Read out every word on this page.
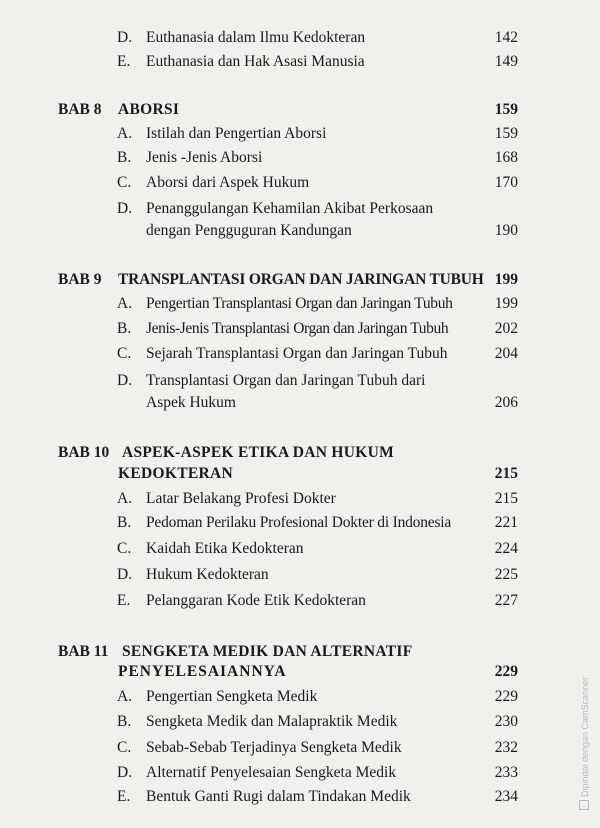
D. Euthanasia dalam Ilmu Kedokteran	142
E. Euthanasia dan Hak Asasi Manusia	149
BAB 8 ABORSI	159
A. Istilah dan Pengertian Aborsi	159
B. Jenis -Jenis Aborsi	168
C. Aborsi dari Aspek Hukum	170
D. Penanggulangan Kehamilan Akibat Perkosaan
dengan Pengguguran Kandungan	190
BAB 9 TRANSPLANTASI ORGAN DAN JARINGAN TUBUH 199
A. Pengertian Transplantasi Organ dan Jaringan Tubuh	199
B. Jenis-Jenis Transplantasi Organ dan Jaringan Tubuh	202
C. Sejarah Transplantasi Organ dan Jaringan Tubuh	204
D. Transplantasi Organ dan Jaringan Tubuh dari
Aspek Hukum	206
BAB 10 ASPEK-ASPEK ETIKA DAN HUKUM
KEDOKTERAN	215
A. Latar Belakang Profesi Dokter	215
B. Pedoman Perilaku Profesional Dokter di Indonesia	221
C. Kaidah Etika Kedokteran	224
D. Hukum Kedokteran	225
E. Pelanggaran Kode Etik Kedokteran	227
BAB 11 SENGKETA MEDIK DAN ALTERNATIF
PENYELESAIANNYA	229
A. Pengertian Sengketa Medik	229
B. Sengketa Medik dan Malapraktik Medik	230
C. Sebab-Sebab Terjadinya Sengketa Medik	232
D. Alternatif Penyelesaian Sengketa Medik	233
E. Bentuk Ganti Rugi dalam Tindakan Medik	234	Dipindai dengan CamScanner
